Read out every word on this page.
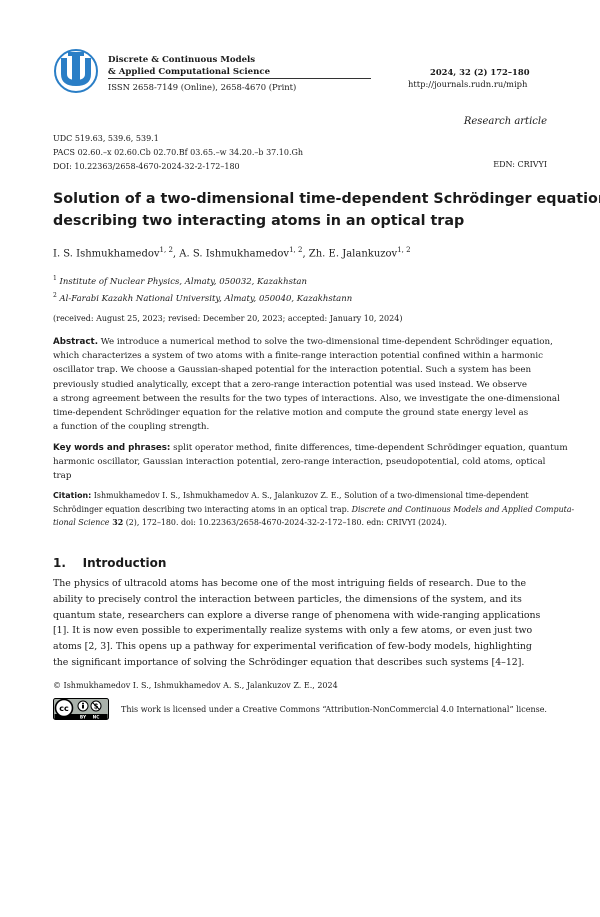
Discrete & Continuous Models
& Applied Computational Science
ISSN 2658-7149 (Online), 2658-4670 (Print)
2024, 32 (2) 172–180
http://journals.rudn.ru/miph
Research article
UDC 519.63, 539.6, 539.1
PACS 02.60.–x 02.60.Cb 02.70.Bf 03.65.–w 34.20.–b 37.10.Gh
DOI: 10.22363/2658-4670-2024-32-2-172–180	EDN: CRIVYI
Solution of a two-dimensional time-dependent Schrödinger equation
describing two interacting atoms in an optical trap
I. S. Ishmukhamedov1, 2, A. S. Ishmukhamedov1, 2, Zh. E. Jalankuzov1, 2
1 Institute of Nuclear Physics, Almaty, 050032, Kazakhstan
2 Al-Farabi Kazakh National University, Almaty, 050040, Kazakhstann
(received: August 25, 2023; revised: December 20, 2023; accepted: January 10, 2024)
Abstract. We introduce a numerical method to solve the two-dimensional time-dependent Schrödinger equation,
which characterizes a system of two atoms with a finite-range interaction potential confined within a harmonic
oscillator trap. We choose a Gaussian-shaped potential for the interaction potential. Such a system has been
previously studied analytically, except that a zero-range interaction potential was used instead. We observe
a strong agreement between the results for the two types of interactions. Also, we investigate the one-dimensional
time-dependent Schrödinger equation for the relative motion and compute the ground state energy level as
a function of the coupling strength.
Key words and phrases: split operator method, finite differences, time-dependent Schrödinger equation, quantum
harmonic oscillator, Gaussian interaction potential, zero-range interaction, pseudopotential, cold atoms, optical
trap
Citation: Ishmukhamedov I. S., Ishmukhamedov A. S., Jalankuzov Z. E., Solution of a two-dimensional time-dependent
Schrödinger equation describing two interacting atoms in an optical trap. Discrete and Continuous Models and Applied Computa-
tional Science 32 (2), 172–180. doi: 10.22363/2658-4670-2024-32-2-172–180. edn: CRIVYI (2024).
1. Introduction
The physics of ultracold atoms has become one of the most intriguing fields of research. Due to the
ability to precisely control the interaction between particles, the dimensions of the system, and its
quantum state, researchers can explore a diverse range of phenomena with wide-ranging applications
[1]. It is now even possible to experimentally realize systems with only a few atoms, or even just two
atoms [2, 3]. This opens up a pathway for experimental verification of few-body models, highlighting
the significant importance of solving the Schrödinger equation that describes such systems [4–12].
© Ishmukhamedov I. S., Ishmukhamedov A. S., Jalankuzov Z. E., 2024
cc
BY NC
This work is licensed under a Creative Commons “Attribution-NonCommercial 4.0 International” license.
